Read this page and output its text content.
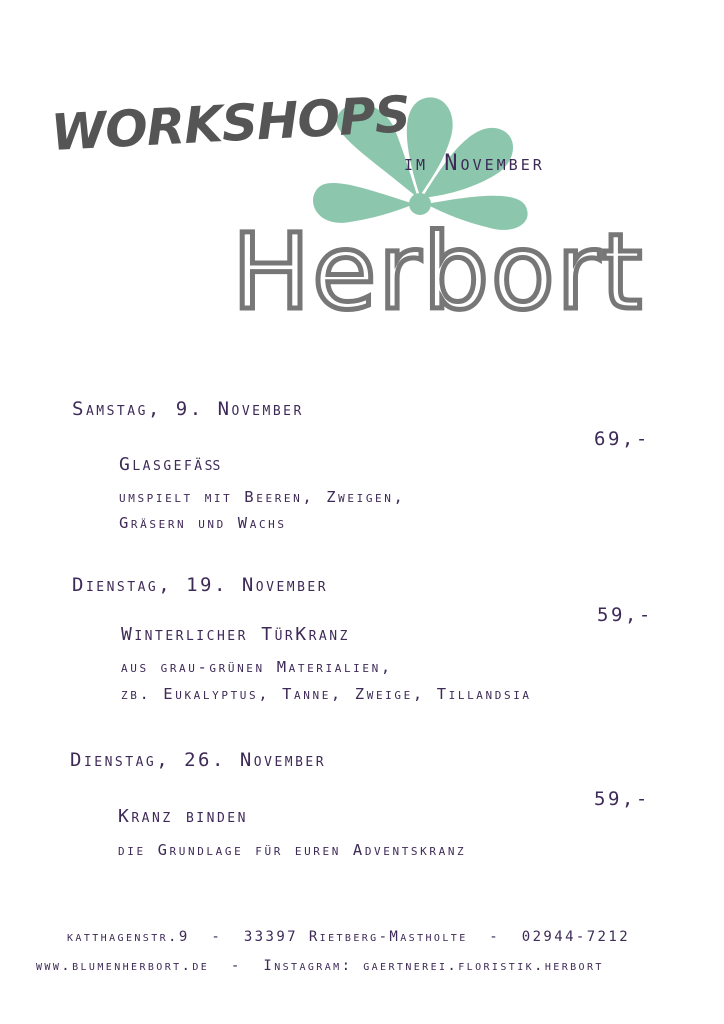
WORKSHOPS
im November
Herbort
Samstag, 9. November
69,-
Glasgefäß
umspielt mit Beeren, Zweigen,
Gräsern und Wachs
Dienstag, 19. November
59,-
Winterlicher TürKranz
aus grau-grünen Materialien,
zb. Eukalyptus, Tanne, Zweige, Tillandsia
Dienstag, 26. November
59,-
Kranz binden
die Grundlage für euren Adventskranz
katthagenstr.9  -  33397 Rietberg-Mastholte  -  02944-7212
www.blumenherbort.de  -  Instagram: gaertnerei.floristik.herbort
